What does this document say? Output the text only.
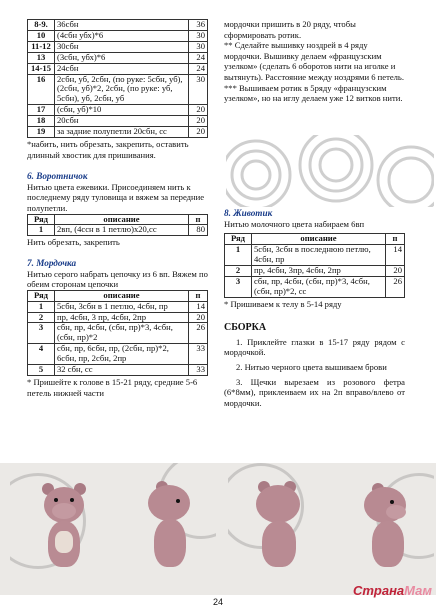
8-9.	36сбн	36
10	(4сбн убх)*6	30
11-12	30сбн	30
13	(3сбн, убх)*6	24
14-15	24сбн	24
16	2сбн, уб, 2сбн, (по руке: 5сбн, уб), (2сбн, уб)*2, 2сбн, (по руке: уб, 5сбн), уб, 2сбн, уб	30
17	(сбн, уб)*10	20
18	20сбн	20
19	за задние полупетли 20сбн, сс	20

*набить, нить обрезать, закрепить, оставить длинный хвостик для пришивания.

6. Воротничок

Нитью цвета ежевики. Присоединяем нить к последнему ряду туловища и вяжем за передние полупетли.

Ряд	описание	п
1	2вп, (4ссн в 1 петлю)х20,сс	80

Нить обрезать, закрепить

7. Мордочка

Нитью серого набрать цепочку из 6 вп. Вяжем по обеим сторонам цепочки

Ряд	описание	п
1	5сбн, 3сбн в 1 петлю, 4сбн, пр	14
2	пр, 4сбн, 3 пр, 4сбн, 2пр	20
3	сбн, пр, 4сбн, (сбн, пр)*3, 4сбн, (сбн, пр)*2	26
4	сбн, пр, 6сбн, пр, (2сбн, пр)*2, 6сбн, пр, 2сбн, 2пр	33
5	32 сбн, сс	33

* Пришейте к голове в 15-21 ряду, средние 5-6 петель нижней части

мордочки пришить в 20 ряду, чтобы сформировать ротик.

** Сделайте вышивку ноздрей в 4 ряду мордочки. Вышивку делаем «французским узелком» (сделать 6 оборотов нити на иголке и вытянуть). Расстояние между ноздрями 6 петель.

*** Вышиваем ротик в 5ряду «французским узелком», но на иглу делаем уже 12 витков нити.

8. Животик

Нитью молочного цвета набираем 6вп

Ряд	описание	п
1	5сбн, 3сбн в последнюю петлю, 4сбн, пр	14
2	пр, 4сбн, 3пр, 4сбн, 2пр	20
3	сбн, пр, 4сбн, (сбн, пр)*3, 4сбн, (сбн, пр)*2, сс	26

* Пришиваем к телу в 5-14 ряду

СБОРКА

1. Приклейте глазки в 15-17 ряду рядом с мордочкой.

2. Нитью черного цвета вышиваем брови

3. Щечки вырезаем из розового фетра (6*8мм), приклеиваем их на 2п вправо/влево от мордочки.

24
СтранаМам
